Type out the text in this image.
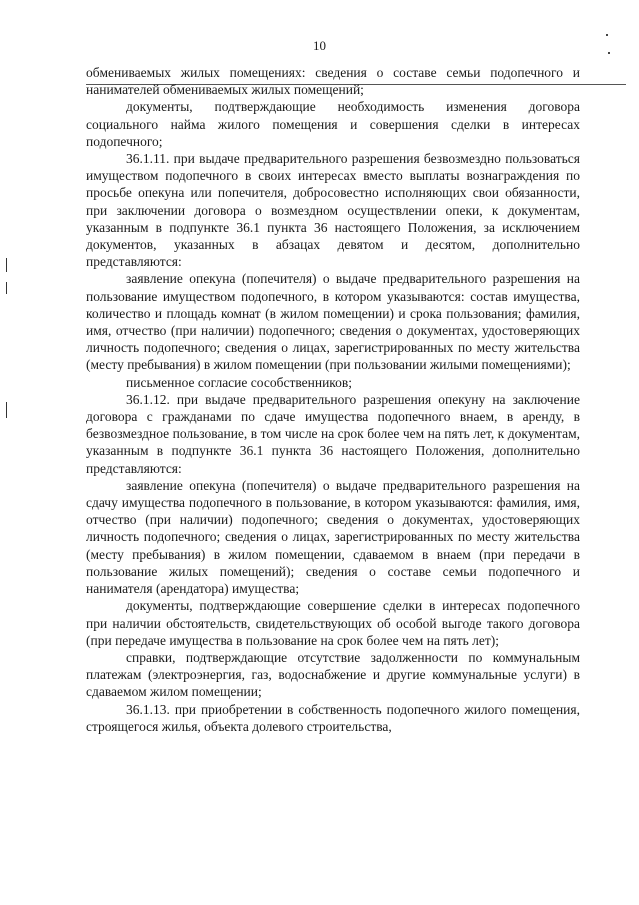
10

обмениваемых жилых помещениях: сведения о составе семьи подопечного и нанимателей обмениваемых жилых помещений;

документы, подтверждающие необходимость изменения договора социального найма жилого помещения и совершения сделки в интересах подопечного;

36.1.11. при выдаче предварительного разрешения безвозмездно пользоваться имуществом подопечного в своих интересах вместо выплаты вознаграждения по просьбе опекуна или попечителя, добросовестно исполняющих свои обязанности, при заключении договора о возмездном осуществлении опеки, к документам, указанным в подпункте 36.1 пункта 36 настоящего Положения, за исключением документов, указанных в абзацах девятом и десятом, дополнительно представляются:

заявление опекуна (попечителя) о выдаче предварительного разрешения на пользование имуществом подопечного, в котором указываются: состав имущества, количество и площадь комнат (в жилом помещении) и срока пользования; фамилия, имя, отчество (при наличии) подопечного; сведения о документах, удостоверяющих личность подопечного; сведения о лицах, зарегистрированных по месту жительства (месту пребывания) в жилом помещении (при пользовании жилыми помещениями);

письменное согласие сособственников;

36.1.12. при выдаче предварительного разрешения опекуну на заключение договора с гражданами по сдаче имущества подопечного внаем, в аренду, в безвозмездное пользование, в том числе на срок более чем на пять лет, к документам, указанным в подпункте 36.1 пункта 36 настоящего Положения, дополнительно представляются:

заявление опекуна (попечителя) о выдаче предварительного разрешения на сдачу имущества подопечного в пользование, в котором указываются: фамилия, имя, отчество (при наличии) подопечного; сведения о документах, удостоверяющих личность подопечного; сведения о лицах, зарегистрированных по месту жительства (месту пребывания) в жилом помещении, сдаваемом в внаем (при передачи в пользование жилых помещений); сведения о составе семьи подопечного и нанимателя (арендатора) имущества;

документы, подтверждающие совершение сделки в интересах подопечного при наличии обстоятельств, свидетельствующих об особой выгоде такого договора (при передаче имущества в пользование на срок более чем на пять лет);

справки, подтверждающие отсутствие задолженности по коммунальным платежам (электроэнергия, газ, водоснабжение и другие коммунальные услуги) в сдаваемом жилом помещении;

36.1.13. при приобретении в собственность подопечного жилого помещения, строящегося жилья, объекта долевого строительства,
